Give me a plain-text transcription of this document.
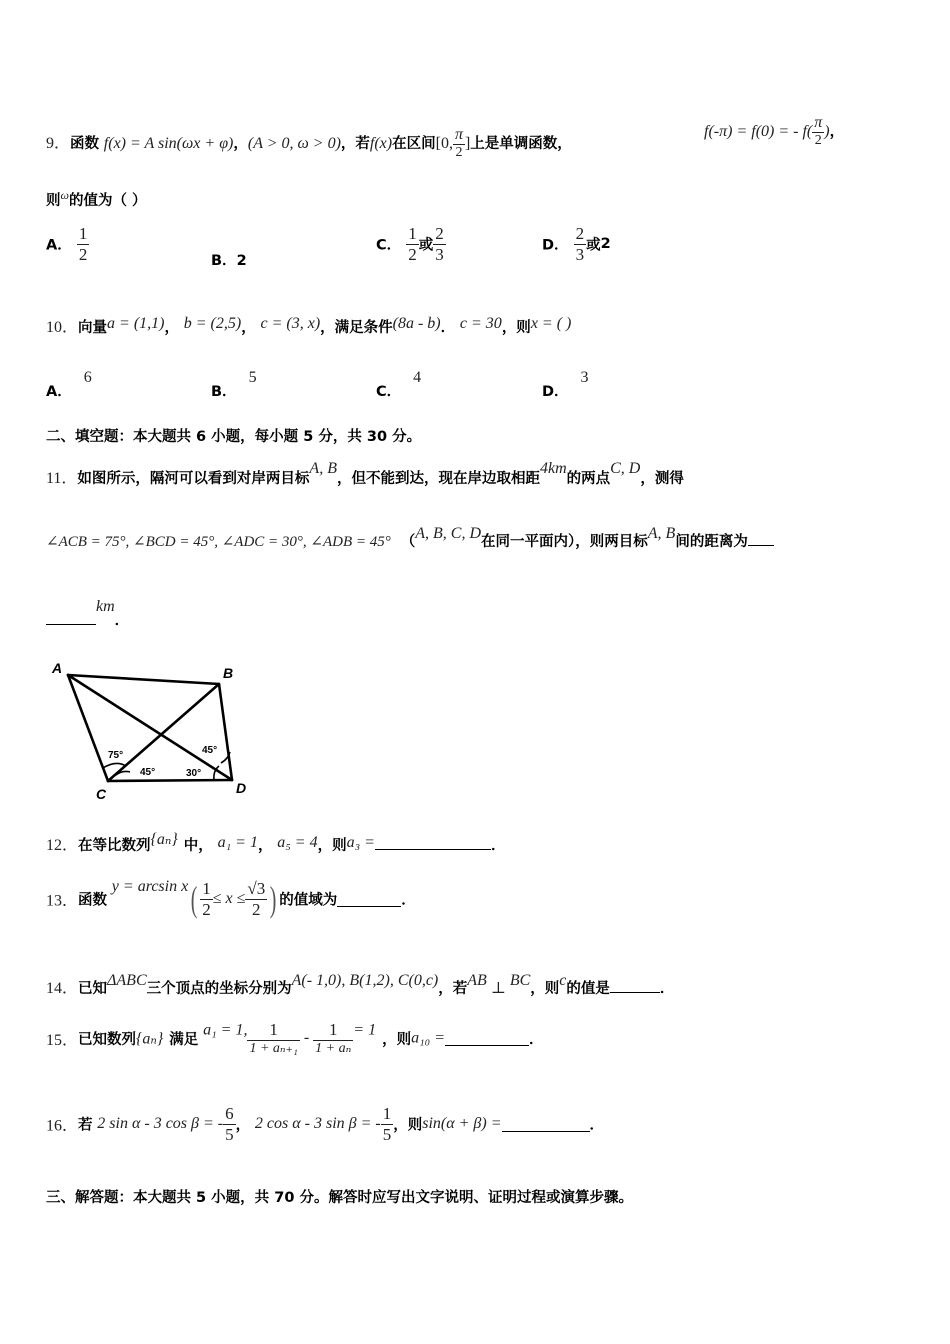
9．函数 f(x) = A sin(ωx + φ)，(A > 0, ω > 0)，若f(x)在区间[0, $\frac{\pi}{2}$ ]上是单调函数，
f(-π) = f(0) = - $f( \frac{\pi}{2}$ )，
则$^\omega$的值为（ ）
A． $\frac{1}{2}$	B．2
C． $\frac{1}{2}$ 或 $\frac{2}{3}$	D． $\frac{2}{3}$ 或2
10．向量a = (1,1)， b = (2,5)， c = (3, x)，满足条件(8a - b)． c = 30，则x = ( )
A．6
B．5
C．4
D．3
二、填空题：本大题共 6 小题，每小题 5 分，共 30 分。
11．如图所示，隔河可以看到对岸两目标A, B，但不能到达，现在岸边取相距4km的两点C, D，测得
∠ACB = 75°, ∠BCD = 45°, ∠ADC = 30°, ∠ADB = 45° （A, B, C, D在同一平面内），则两目标A, B间的距离为
km．
A	B
C	D
75°
45°
45°
30°
12．在等比数列{aₙ} 中， a₁ = 1， a₅ = 4，则a₃ =	．
13．函数 $y = \arcsin x( \frac{1}{2} \le x \le \frac{√3}{2}$ ) 的值域为	．
14．已知ΔABC三个顶点的坐标分别为A(- 1,0), B(1,2), C(0,c)，若AB ⊥ BC，则c的值是	．
15．已知数列{aₙ} 满足 a₁ = 1, $\frac{1}{\text{1 + aₙ₊₁}} - \frac{1}{\text{1 + aₙ}} = 1$，则a₁₀ =	．
16．若 2 sin α - 3 cos β = - $\frac{6}{5}$ ， 2 cos α - 3 sin β = - $\frac{1}{5}$ ，则sin(α + β) =	．
三、解答题：本大题共 5 小题，共 70 分。解答时应写出文字说明、证明过程或演算步骤。
